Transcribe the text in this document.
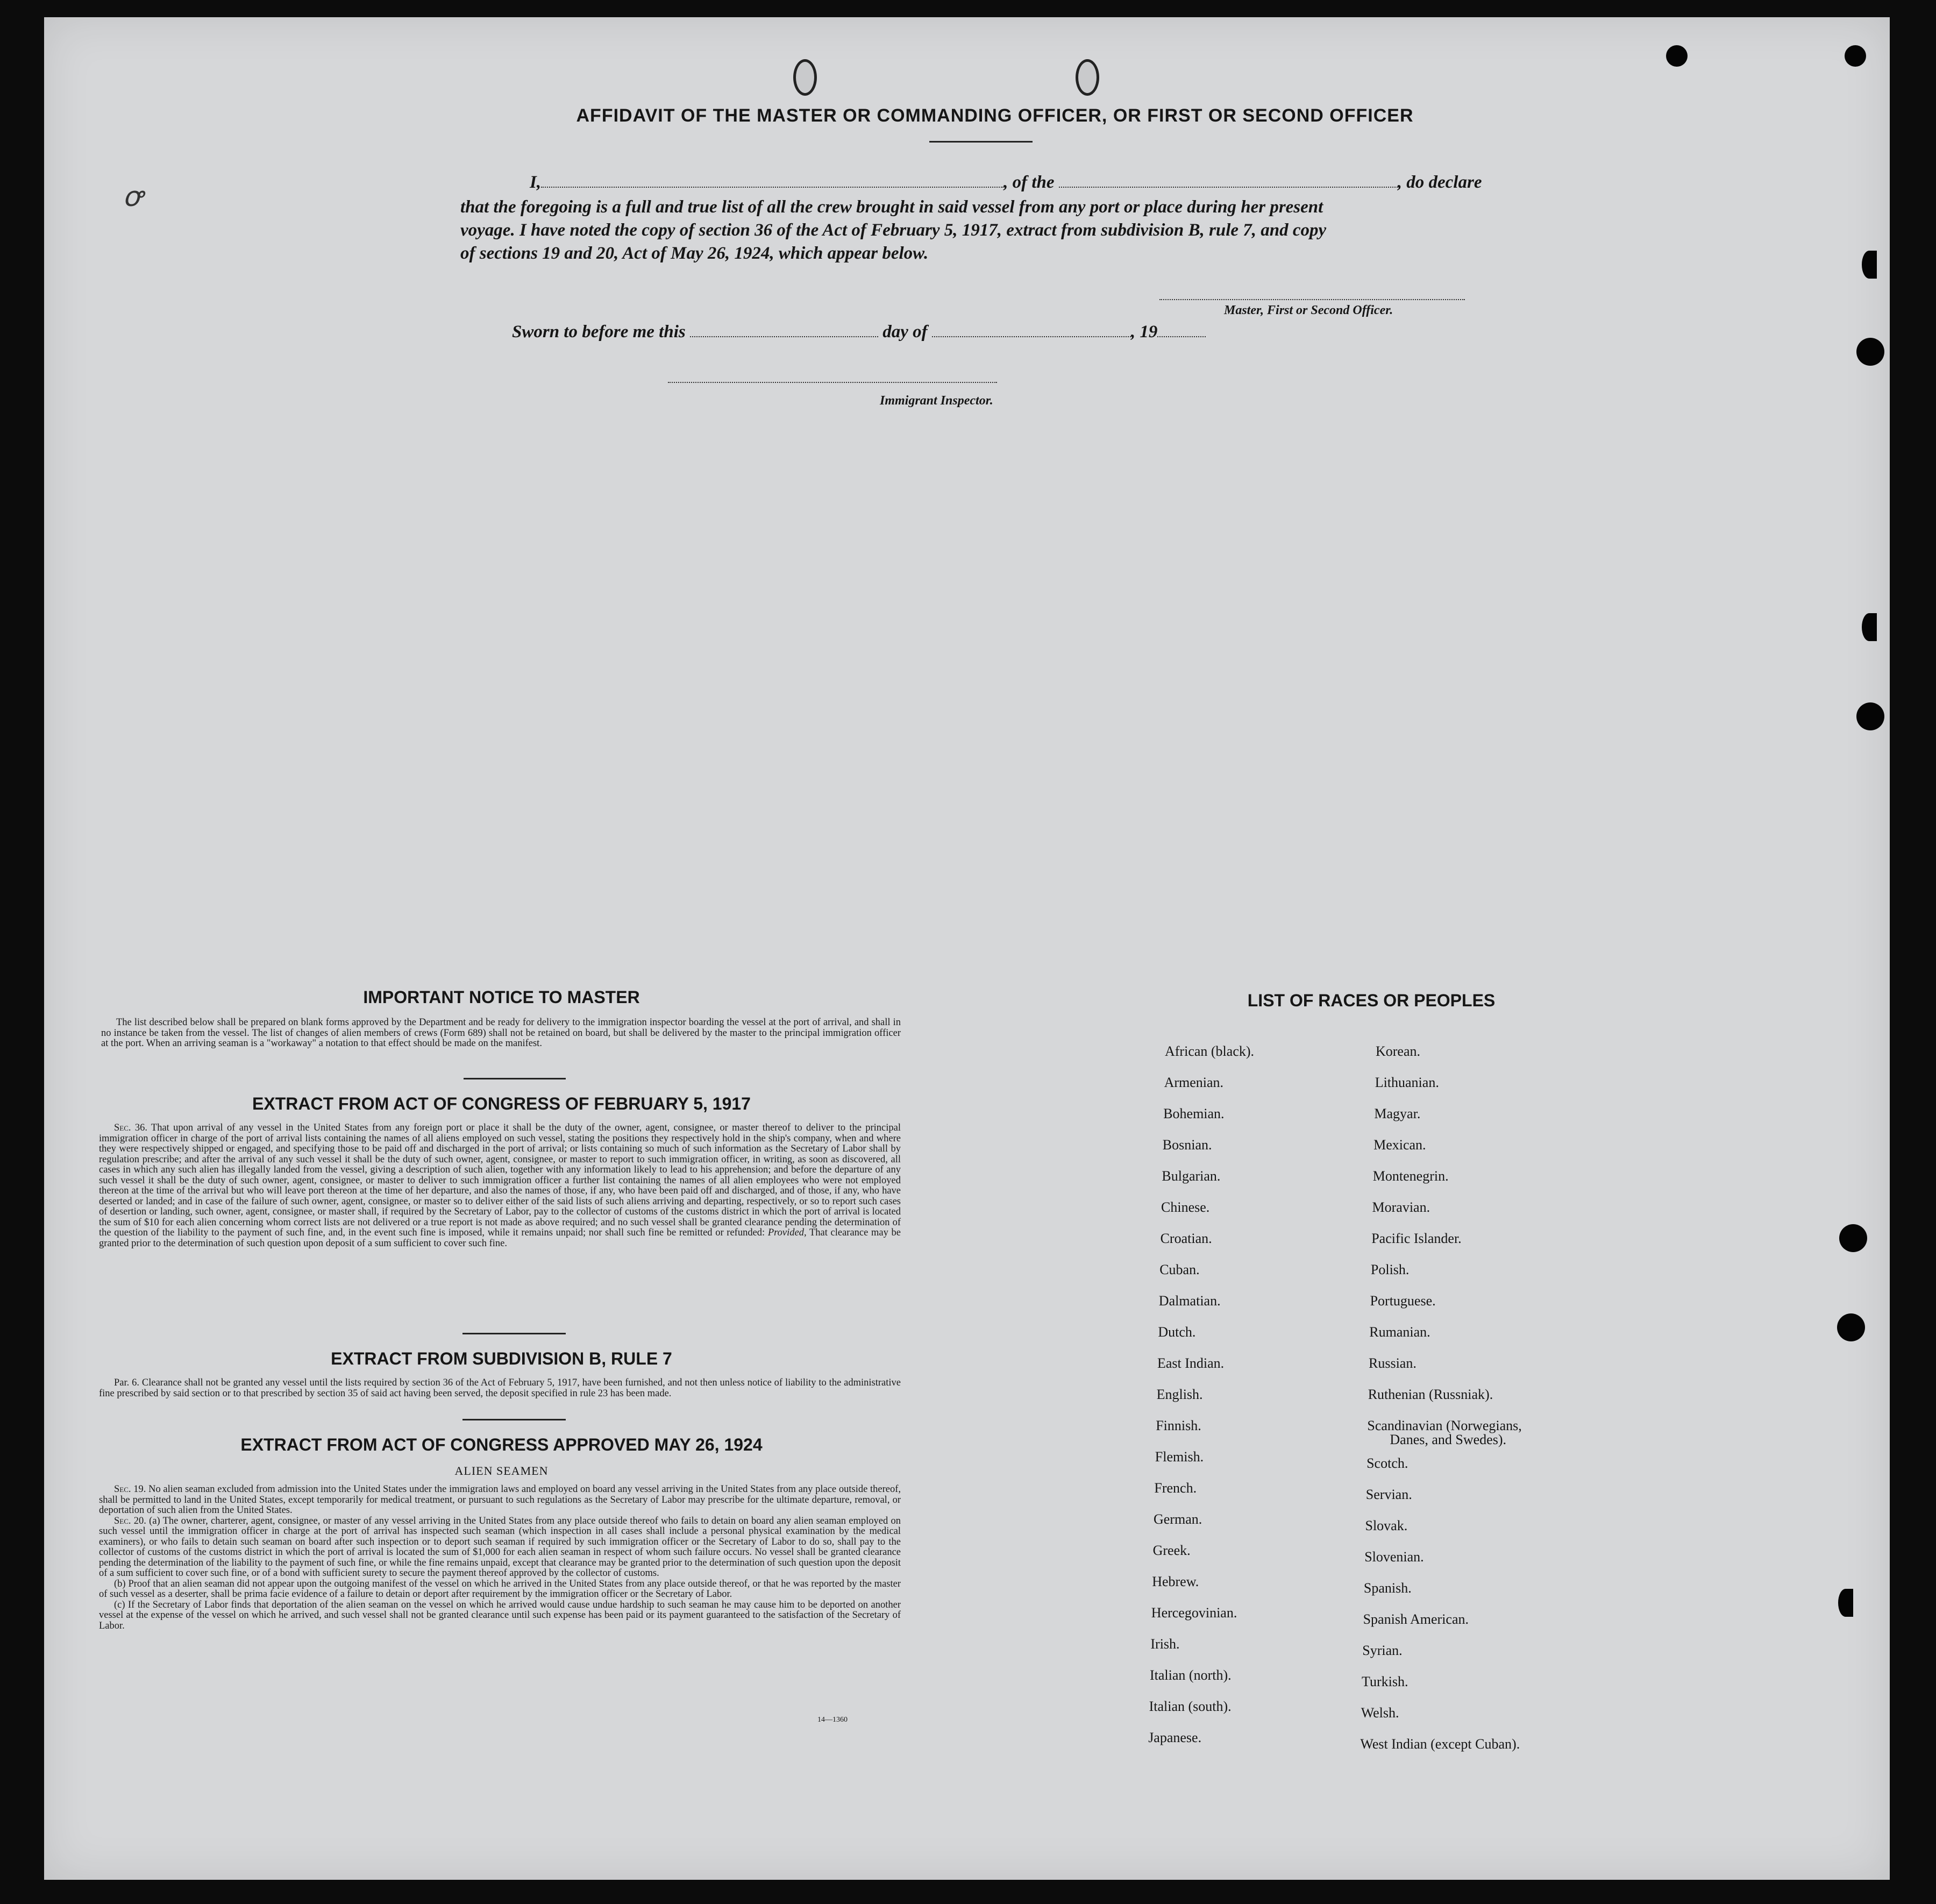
AFFIDAVIT OF THE MASTER OR COMMANDING OFFICER, OR FIRST OR SECOND OFFICER
ꝍ	I,	, of the	, do declare
that the foregoing is a full and true list of all the crew brought in said vessel from any port or place during her present
voyage. I have noted the copy of section 36 of the Act of February 5, 1917, extract from subdivision B, rule 7, and copy
of sections 19 and 20, Act of May 26, 1924, which appear below.
Master, First or Second Officer.
Sworn to before me this	day of	, 19
Immigrant Inspector.
IMPORTANT NOTICE TO MASTER

The list described below shall be prepared on blank forms approved by the Department and be ready for delivery to the immigration inspector boarding the vessel at the port of arrival, and shall in no instance be taken from the vessel. The list of changes of alien members of crews (Form 689) shall not be retained on board, but shall be delivered by the master to the principal immigration officer at the port. When an arriving seaman is a "workaway" a notation to that effect should be made on the manifest.

EXTRACT FROM ACT OF CONGRESS OF FEBRUARY 5, 1917

Sec. 36. That upon arrival of any vessel in the United States from any foreign port or place it shall be the duty of the owner, agent, consignee, or master thereof to deliver to the principal immigration officer in charge of the port of arrival lists containing the names of all aliens employed on such vessel, stating the positions they respectively hold in the ship's company, when and where they were respectively shipped or engaged, and specifying those to be paid off and discharged in the port of arrival; or lists containing so much of such information as the Secretary of Labor shall by regulation prescribe; and after the arrival of any such vessel it shall be the duty of such owner, agent, consignee, or master to report to such immigration officer, in writing, as soon as discovered, all cases in which any such alien has illegally landed from the vessel, giving a description of such alien, together with any information likely to lead to his apprehension; and before the departure of any such vessel it shall be the duty of such owner, agent, consignee, or master to deliver to such immigration officer a further list containing the names of all alien employees who were not employed thereon at the time of the arrival but who will leave port thereon at the time of her departure, and also the names of those, if any, who have been paid off and discharged, and of those, if any, who have deserted or landed; and in case of the failure of such owner, agent, consignee, or master so to deliver either of the said lists of such aliens arriving and departing, respectively, or so to report such cases of desertion or landing, such owner, agent, consignee, or master shall, if required by the Secretary of Labor, pay to the collector of customs of the customs district in which the port of arrival is located the sum of $10 for each alien concerning whom correct lists are not delivered or a true report is not made as above required; and no such vessel shall be granted clearance pending the determination of the question of the liability to the payment of such fine, and, in the event such fine is imposed, while it remains unpaid; nor shall such fine be remitted or refunded: Provided, That clearance may be granted prior to the determination of such question upon deposit of a sum sufficient to cover such fine.

EXTRACT FROM SUBDIVISION B, RULE 7

Par. 6. Clearance shall not be granted any vessel until the lists required by section 36 of the Act of February 5, 1917, have been furnished, and not then unless notice of liability to the administrative fine prescribed by said section or to that prescribed by section 35 of said act having been served, the deposit specified in rule 23 has been made.

EXTRACT FROM ACT OF CONGRESS APPROVED MAY 26, 1924
ALIEN SEAMEN

Sec. 19. No alien seaman excluded from admission into the United States under the immigration laws and employed on board any vessel arriving in the United States from any place outside thereof, shall be permitted to land in the United States, except temporarily for medical treatment, or pursuant to such regulations as the Secretary of Labor may prescribe for the ultimate departure, removal, or deportation of such alien from the United States.

Sec. 20. (a) The owner, charterer, agent, consignee, or master of any vessel arriving in the United States from any place outside thereof who fails to detain on board any alien seaman employed on such vessel until the immigration officer in charge at the port of arrival has inspected such seaman (which inspection in all cases shall include a personal physical examination by the medical examiners), or who fails to detain such seaman on board after such inspection or to deport such seaman if required by such immigration officer or the Secretary of Labor to do so, shall pay to the collector of customs of the customs district in which the port of arrival is located the sum of $1,000 for each alien seaman in respect of whom such failure occurs. No vessel shall be granted clearance pending the determination of the liability to the payment of such fine, or while the fine remains unpaid, except that clearance may be granted prior to the determination of such question upon the deposit of a sum sufficient to cover such fine, or of a bond with sufficient surety to secure the payment thereof approved by the collector of customs.

(b) Proof that an alien seaman did not appear upon the outgoing manifest of the vessel on which he arrived in the United States from any place outside thereof, or that he was reported by the master of such vessel as a deserter, shall be prima facie evidence of a failure to detain or deport after requirement by the immigration officer or the Secretary of Labor.

(c) If the Secretary of Labor finds that deportation of the alien seaman on the vessel on which he arrived would cause undue hardship to such seaman he may cause him to be deported on another vessel at the expense of the vessel on which he arrived, and such vessel shall not be granted clearance until such expense has been paid or its payment guaranteed to the satisfaction of the Secretary of Labor.

14—1360
LIST OF RACES OR PEOPLES
African (black).
Armenian.
Bohemian.
Bosnian.
Bulgarian.
Chinese.
Croatian.
Cuban.
Dalmatian.
Dutch.
East Indian.
English.
Finnish.
Flemish.
French.
German.
Greek.
Hebrew.
Hercegovinian.
Irish.
Italian (north).
Italian (south).
Japanese.
Korean.
Lithuanian.
Magyar.
Mexican.
Montenegrin.
Moravian.
Pacific Islander.
Polish.
Portuguese.
Rumanian.
Russian.
Ruthenian (Russniak).
Scandinavian (Norwegians,
Danes, and Swedes).
Scotch.
Servian.
Slovak.
Slovenian.
Spanish.
Spanish American.
Syrian.
Turkish.
Welsh.
West Indian (except Cuban).
